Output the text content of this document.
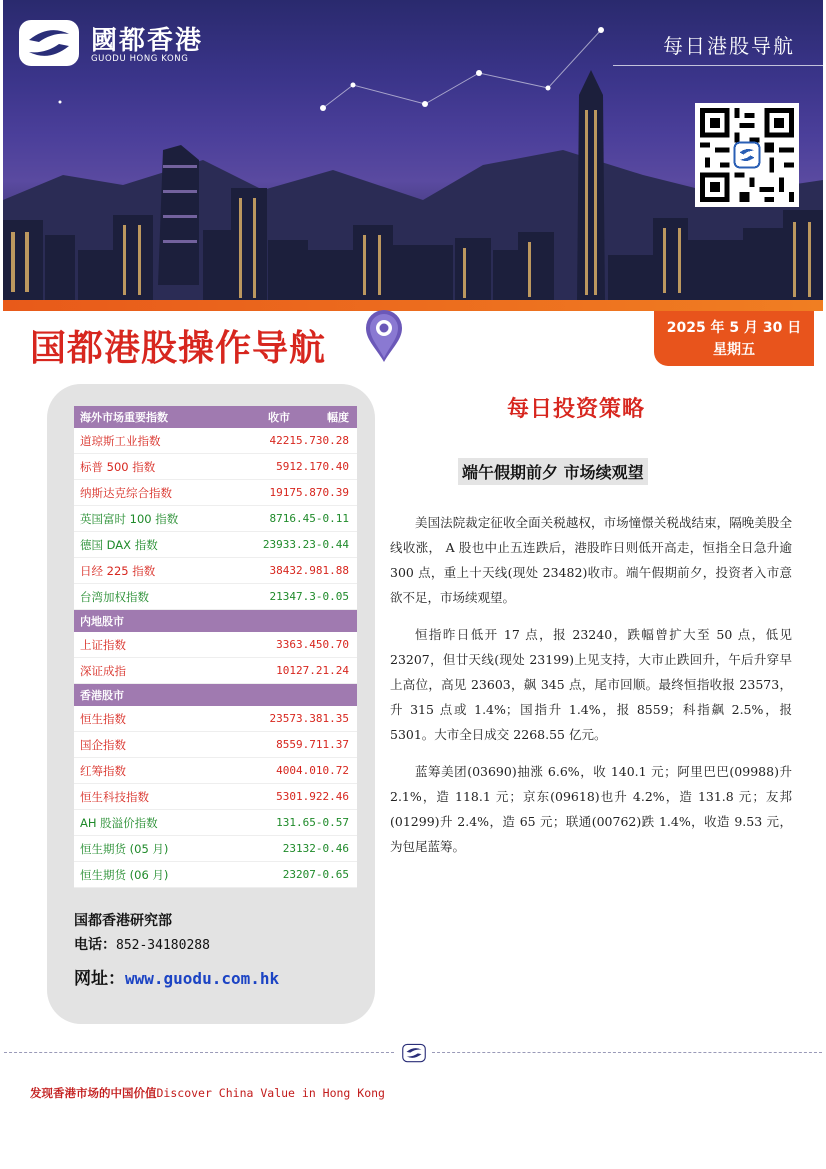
國都香港
GUODU HONG KONG
每日港股导航
国都港股操作导航	2025 年 5 月 30 日
星期五
海外市场重要指数	收市	幅度
道琼斯工业指数	42215.73 0.28
标普 500 指数	5912.17 0.40
纳斯达克综合指数	19175.87 0.39
英国富时 100 指数	8716.45 -0.11
德国 DAX 指数	23933.23 -0.44
日经 225 指数	38432.98 1.88
台湾加权指数	21347.3 -0.05
内地股市
上证指数	3363.45 0.70
深证成指	10127.2 1.24
香港股市
恒生指数	23573.38 1.35
国企指数	8559.71 1.37
红筹指数	4004.01 0.72
恒生科技指数	5301.92 2.46
AH 股溢价指数	131.65 -0.57
恒生期货 (05 月)	23132 -0.46
恒生期货 (06 月)	23207 -0.65
国都香港研究部
电话：852-34180288
网址：www.guodu.com.hk
每日投资策略
端午假期前夕 市场续观望

美国法院裁定征收全面关税越权，市场憧憬关税战结束，隔晚美股全线收涨， A 股也中止五连跌后，港股昨日则低开高走，恒指全日急升逾 300 点，重上十天线(现处 23482)收市。端午假期前夕，投资者入市意欲不足，市场续观望。

恒指昨日低开 17 点，报 23240，跌幅曾扩大至 50 点，低见 23207，但廿天线(现处 23199)上见支持，大市止跌回升，午后升穿早上高位，高见 23603，飙 345 点，尾市回顺。最终恒指收报 23573，升 315 点或 1.4%；国指升 1.4%，报 8559；科指飙 2.5%，报 5301。大市全日成交 2268.55 亿元。

蓝筹美团(03690)抽涨 6.6%，收 140.1 元；阿里巴巴(09988)升 2.1%，造 118.1 元；京东(09618)也升 4.2%，造 131.8 元；友邦(01299)升 2.4%，造 65 元；联通(00762)跌 1.4%，收造 9.53 元，为包尾蓝筹。

发现香港市场的中国价值Discover China Value in Hong Kong
